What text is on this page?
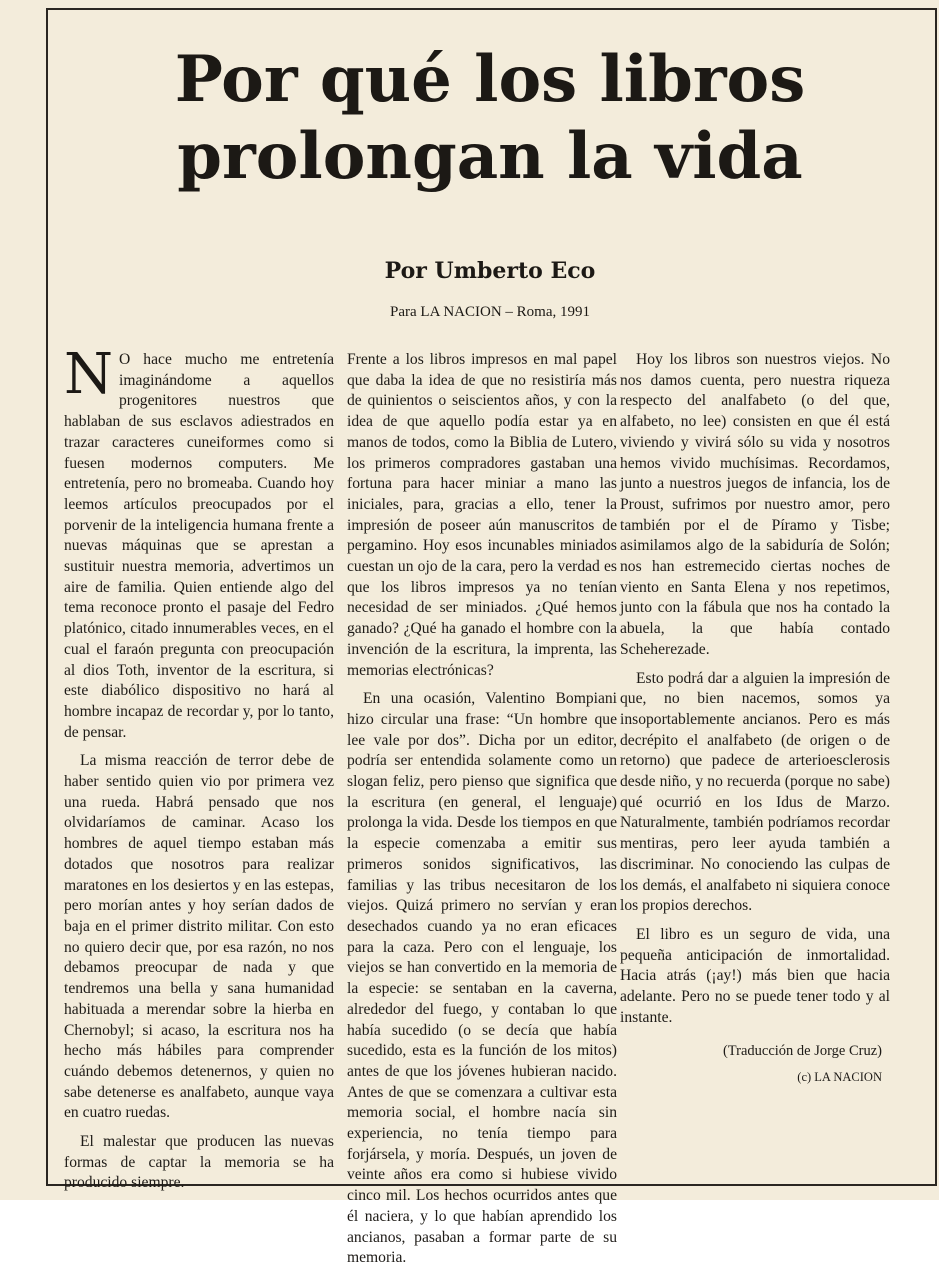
Por qué los libros
prolongan la vida
Por Umberto Eco
Para LA NACION – Roma, 1991

N O hace mucho me entretenía imaginándome a aquellos progenitores nuestros que hablaban de sus esclavos adiestrados en trazar caracteres cuneiformes como si fuesen modernos computers. Me entretenía, pero no bromeaba. Cuando hoy leemos artículos preocupados por el porvenir de la inteligencia humana frente a nuevas máquinas que se aprestan a sustituir nuestra memoria, advertimos un aire de familia. Quien entiende algo del tema reconoce pronto el pasaje del Fedro platónico, citado innumerables veces, en el cual el faraón pregunta con preocupación al dios Toth, inventor de la escritura, si este diabólico dispositivo no hará al hombre incapaz de recordar y, por lo tanto, de pensar.

La misma reacción de terror debe de haber sentido quien vio por primera vez una rueda. Habrá pensado que nos olvidaríamos de caminar. Acaso los hombres de aquel tiempo estaban más dotados que nosotros para realizar maratones en los desiertos y en las estepas, pero morían antes y hoy serían dados de baja en el primer distrito militar. Con esto no quiero decir que, por esa razón, no nos debamos preocupar de nada y que tendremos una bella y sana humanidad habituada a merendar sobre la hierba en Chernobyl; si acaso, la escritura nos ha hecho más hábiles para comprender cuándo debemos detenernos, y quien no sabe detenerse es analfabeto, aunque vaya en cuatro ruedas.

El malestar que producen las nuevas formas de captar la memoria se ha producido siempre.

Frente a los libros impresos en mal papel que daba la idea de que no resistiría más de quinientos o seiscientos años, y con la idea de que aquello podía estar ya en manos de todos, como la Biblia de Lutero, los primeros compradores gastaban una fortuna para hacer miniar a mano las iniciales, para, gracias a ello, tener la impresión de poseer aún manuscritos de pergamino. Hoy esos incunables miniados cuestan un ojo de la cara, pero la verdad es que los libros impresos ya no tenían necesidad de ser miniados. ¿Qué hemos ganado? ¿Qué ha ganado el hombre con la invención de la escritura, la imprenta, las memorias electrónicas?

En una ocasión, Valentino Bompiani hizo circular una frase: “Un hombre que lee vale por dos”. Dicha por un editor, podría ser entendida solamente como un slogan feliz, pero pienso que significa que la escritura (en general, el lenguaje) prolonga la vida. Desde los tiempos en que la especie comenzaba a emitir sus primeros sonidos significativos, las familias y las tribus necesitaron de los viejos. Quizá primero no servían y eran desechados cuando ya no eran eficaces para la caza. Pero con el lenguaje, los viejos se han convertido en la memoria de la especie: se sentaban en la caverna, alrededor del fuego, y contaban lo que había sucedido (o se decía que había sucedido, esta es la función de los mitos) antes de que los jóvenes hubieran nacido. Antes de que se comenzara a cultivar esta memoria social, el hombre nacía sin experiencia, no tenía tiempo para forjársela, y moría. Después, un joven de veinte años era como si hubiese vivido cinco mil. Los hechos ocurridos antes que él naciera, y lo que habían aprendido los ancianos, pasaban a formar parte de su memoria.

Hoy los libros son nuestros viejos. No nos damos cuenta, pero nuestra riqueza respecto del analfabeto (o del que, alfabeto, no lee) consisten en que él está viviendo y vivirá sólo su vida y nosotros hemos vivido muchísimas. Recordamos, junto a nuestros juegos de infancia, los de Proust, sufrimos por nuestro amor, pero también por el de Píramo y Tisbe; asimilamos algo de la sabiduría de Solón; nos han estremecido ciertas noches de viento en Santa Elena y nos repetimos, junto con la fábula que nos ha contado la abuela, la que había contado Scheherezade.

Esto podrá dar a alguien la impresión de que, no bien nacemos, somos ya insoportablemente ancianos. Pero es más decrépito el analfabeto (de origen o de retorno) que padece de arterioesclerosis desde niño, y no recuerda (porque no sabe) qué ocurrió en los Idus de Marzo. Naturalmente, también podríamos recordar mentiras, pero leer ayuda también a discriminar. No conociendo las culpas de los demás, el analfabeto ni siquiera conoce los propios derechos.

El libro es un seguro de vida, una pequeña anticipación de inmortalidad. Hacia atrás (¡ay!) más bien que hacia adelante. Pero no se puede tener todo y al instante.

(Traducción de Jorge Cruz)
(c) LA NACION
